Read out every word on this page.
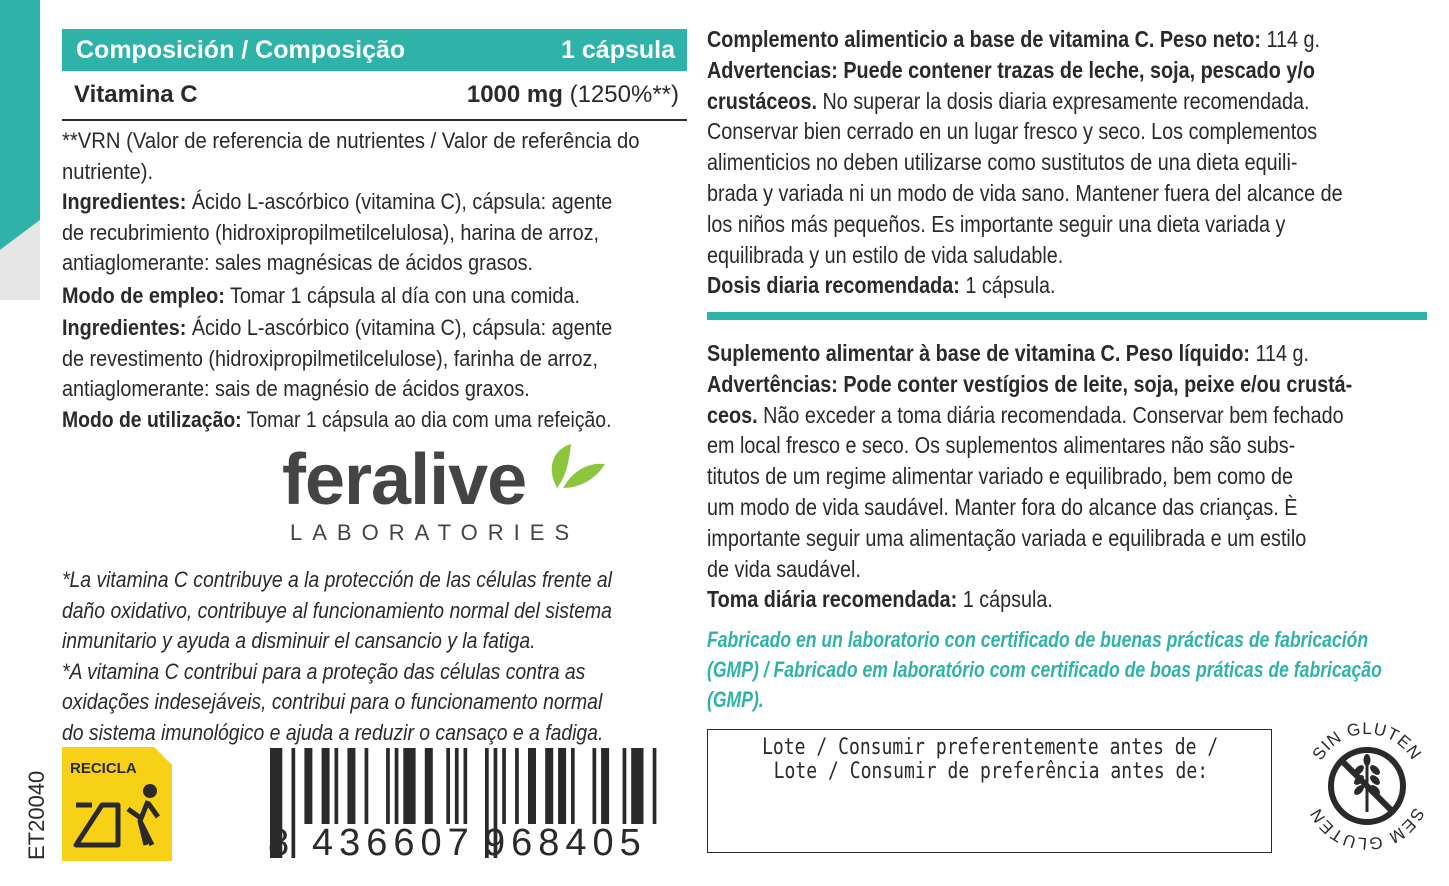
Composición / Composição	1 cápsula
Vitamina C	1000 mg (1250%**)
**VRN (Valor de referencia de nutrientes / Valor de referência do
nutriente).
Ingredientes: Ácido L-ascórbico (vitamina C), cápsula: agente
de recubrimiento (hidroxipropilmetilcelulosa), harina de arroz,
antiaglomerante: sales magnésicas de ácidos grasos.
Modo de empleo: Tomar 1 cápsula al día con una comida.
Ingredientes: Ácido L-ascórbico (vitamina C), cápsula: agente
de revestimento (hidroxipropilmetilcelulose), farinha de arroz,
antiaglomerante: sais de magnésio de ácidos graxos.
Modo de utilização: Tomar 1 cápsula ao dia com uma refeição.
feralive
LABORATORIES
*La vitamina C contribuye a la protección de las células frente al
daño oxidativo, contribuye al funcionamiento normal del sistema
inmunitario y ayuda a disminuir el cansancio y la fatiga.
*A vitamina C contribui para a proteção das células contra as
oxidações indesejáveis, contribui para o funcionamento normal
do sistema imunológico e ajuda a reduzir o cansaço e a fadiga.
ET20040
RECICLA
8 436607 968405
Complemento alimenticio a base de vitamina C. Peso neto: 114 g.
Advertencias: Puede contener trazas de leche, soja, pescado y/o
crustáceos. No superar la dosis diaria expresamente recomendada.
Conservar bien cerrado en un lugar fresco y seco. Los complementos
alimenticios no deben utilizarse como sustitutos de una dieta equili-
brada y variada ni un modo de vida sano. Mantener fuera del alcance de
los niños más pequeños. Es importante seguir una dieta variada y
equilibrada y un estilo de vida saludable.
Dosis diaria recomendada: 1 cápsula.
Suplemento alimentar à base de vitamina C. Peso líquido: 114 g.
Advertências: Pode conter vestígios de leite, soja, peixe e/ou crustá-
ceos. Não exceder a toma diária recomendada. Conservar bem fechado
em local fresco e seco. Os suplementos alimentares não são subs-
titutos de um regime alimentar variado e equilibrado, bem como de
um modo de vida saudável. Manter fora do alcance das crianças. È
importante seguir uma alimentação variada e equilibrada e um estilo
de vida saudável.
Toma diária recomendada: 1 cápsula.
Fabricado en un laboratorio con certificado de buenas prácticas de fabricación
(GMP) / Fabricado em laboratório com certificado de boas práticas de fabricação
(GMP).
Lote / Consumir preferentemente antes de /
Lote / Consumir de preferência antes de:
SIN GLUTEN
SEM GLUTEN
